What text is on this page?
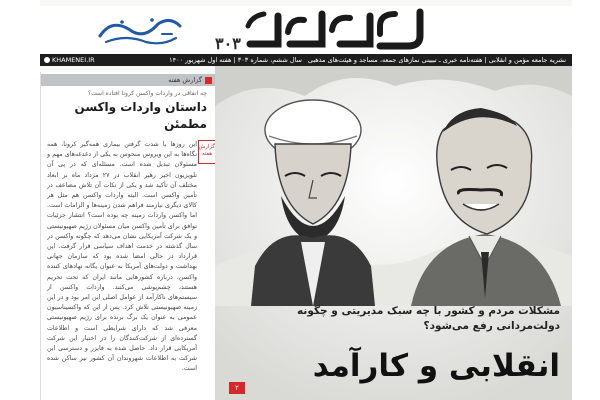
۳۰۳
نشریه جامعه مؤمن و انقلابی | هفته‌نامه خبری ـ تبیینی نمازهای جمعه، مساجد و هیئت‌های مذهبی
سال ششم، شماره ۳۰۳ | هفته اول شهریور ۱۴۰۰
KHAMENEI.IR
گزارش هفته
چه اتفاقی در واردات واکسن کرونا افتاده است؟
داستان واردات واکسن مطمئن
گزارش هفته
این روزها با شدت گرفتن بیماری همه‌گیر کرونا، همه نگاه‌ها به این ویروس منحوس به یکی از دغدغه‌های مهم و مسئولان تبدیل شده است. مسئله‌ای که در پی آن تلویزیون اخیر رهبر انقلاب در ۲۷ مرداد ماه بر ابعاد مختلف آن تأکید شد و یکی از نکات آن تلاش مضاعف در تأمین واکسن است. البته واردات واکسن هم مثل هر کالای دیگری نیازمند فراهم شدن زمینه‌ها و الزامات است. اما واکسن واردات زمینه چه بوده است؟ انتشار جزئیات توافق برای تأمین واکسن میان مسئولان رژیم صهیونیستی و یک شرکت آمریکایی نشان می‌دهد که چگونه واکسن در سال گذشته در خدمت اهداف سیاسی قرار گرفت. این قرارداد در حالی امضا شده بود که سازمان جهانی بهداشت و دولت‌های آمریکا به عنوان یگانه نهادهای کننده واکسن، درباره کشورهایی مانند ایران که تحت تحریم هستند، چشم‌پوشی می‌کنند. واردات واکسن از سیستم‌های ناکارآمد از عوامل اصلی این امر بود و در این زمینه صهیونیستی تلاش کرد. پس از این که واکسیناسیون عمومی به عنوان یک برگ برنده برای رژیم صهیونیستی معرفی شد که دارای شرایطی است و اطلاعات گسترده‌ای از شرکت‌کنندگان را در اختیار این شرکت آمریکایی قرار داد. حاصل شده به فایزر و دسترسی این شرکت به اطلاعات شهروندان آن کشور نیز ساکن شده است.
مشکلات مردم و کشور با چه سبک مدیریتی و چگونه دولت‌مردانی رفع می‌شود؟
انقلابی و کارآمد
۲
